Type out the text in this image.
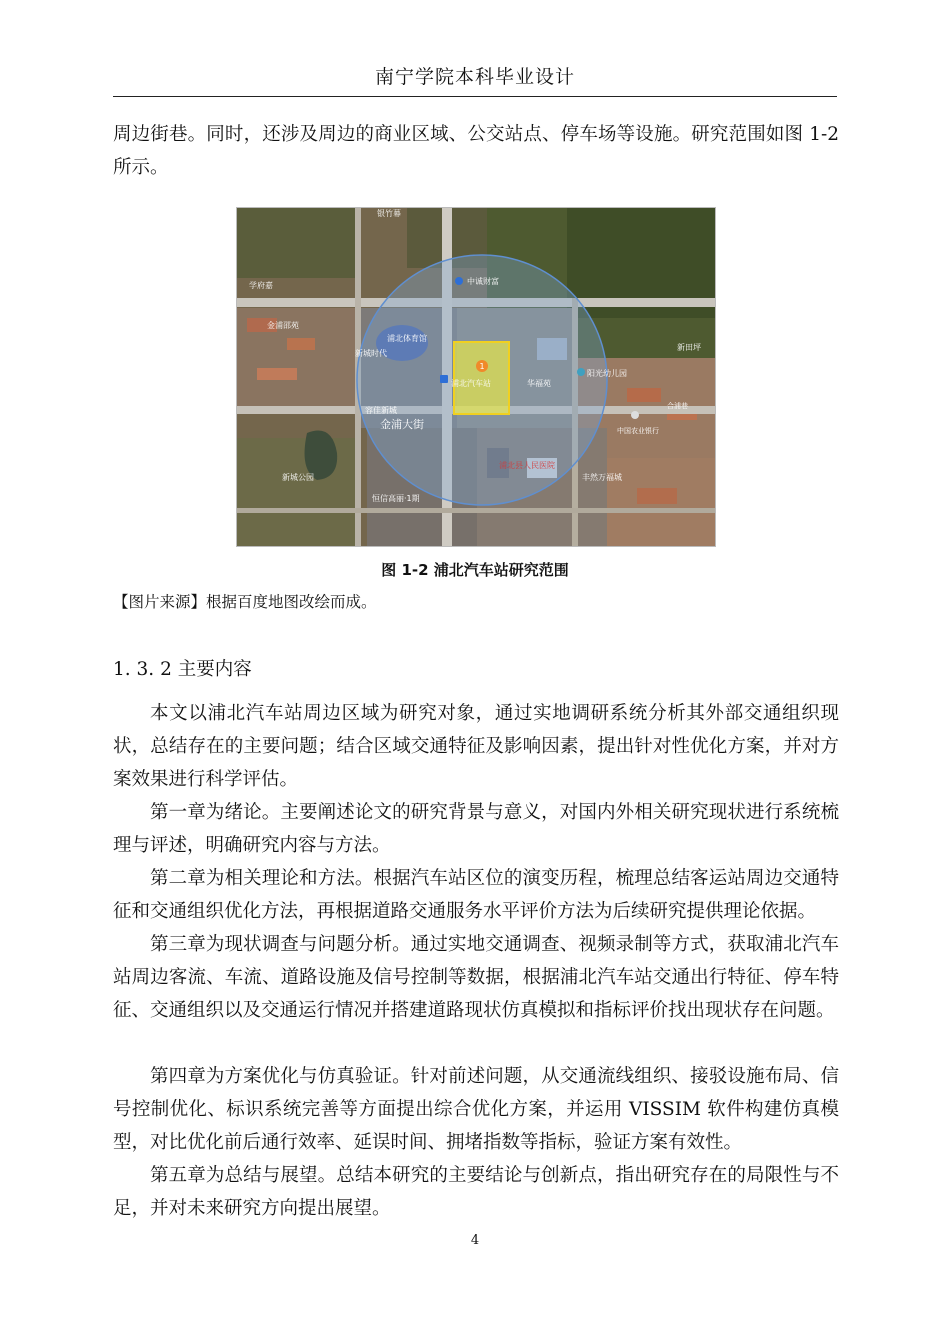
南宁学院本科毕业设计
周边街巷。同时，还涉及周边的商业区域、公交站点、停车场等设施。研究范围如图 1-2 所示。
1
银竹幕
学府嘉
金浦邵苑
浦北体育馆
中诚财富
新城时代
浦北汽车站	华福苑
阳光幼儿园
新田坪
金浦大街
容佳新城
新城公园
浦北县人民医院
中国农业银行
合浦巷
恒信高丽·1期
丰然万福城
图 1-2 浦北汽车站研究范围
【图片来源】根据百度地图改绘而成。
1. 3. 2 主要内容
本文以浦北汽车站周边区域为研究对象，通过实地调研系统分析其外部交通组织现状，总结存在的主要问题；结合区域交通特征及影响因素，提出针对性优化方案，并对方案效果进行科学评估。
第一章为绪论。主要阐述论文的研究背景与意义，对国内外相关研究现状进行系统梳理与评述，明确研究内容与方法。
第二章为相关理论和方法。根据汽车站区位的演变历程，梳理总结客运站周边交通特征和交通组织优化方法，再根据道路交通服务水平评价方法为后续研究提供理论依据。
第三章为现状调查与问题分析。通过实地交通调查、视频录制等方式，获取浦北汽车站周边客流、车流、道路设施及信号控制等数据，根据浦北汽车站交通出行特征、停车特征、交通组织以及交通运行情况并搭建道路现状仿真模拟和指标评价找出现状存在问题。
第四章为方案优化与仿真验证。针对前述问题，从交通流线组织、接驳设施布局、信号控制优化、标识系统完善等方面提出综合优化方案，并运用 VISSIM 软件构建仿真模型，对比优化前后通行效率、延误时间、拥堵指数等指标，验证方案有效性。
第五章为总结与展望。总结本研究的主要结论与创新点，指出研究存在的局限性与不足，并对未来研究方向提出展望。
4
